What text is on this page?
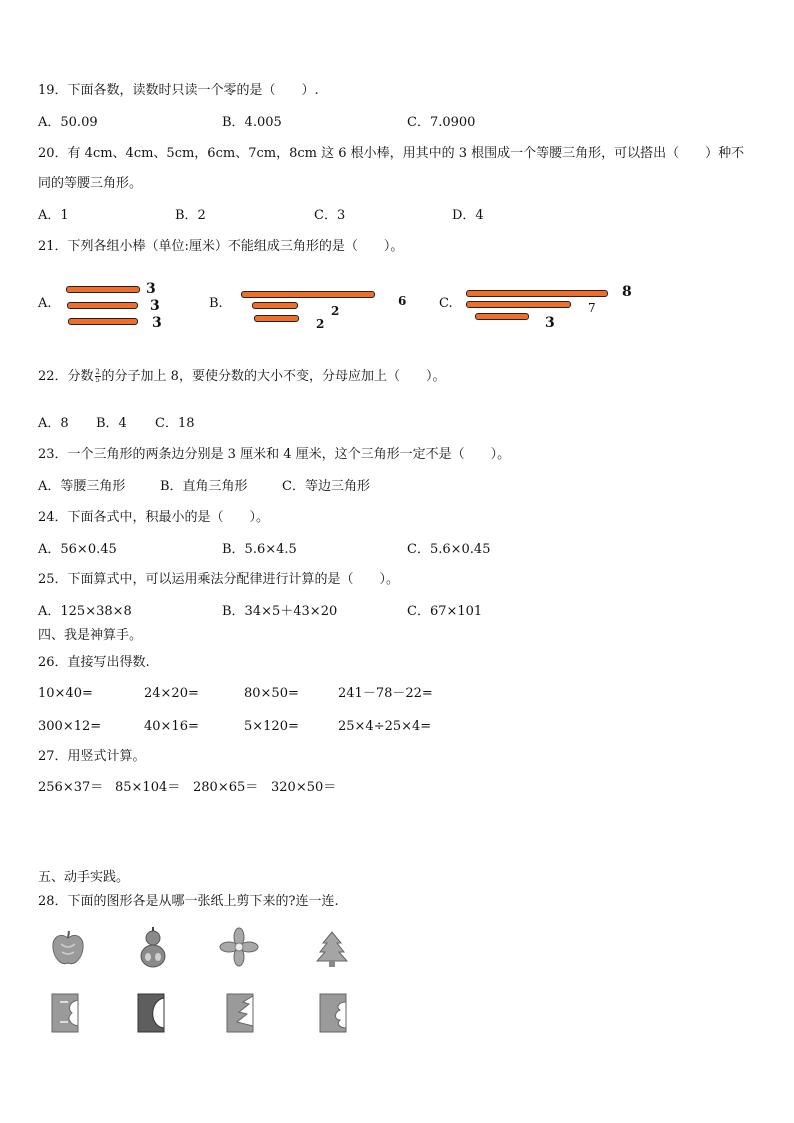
19．下面各数，读数时只读一个零的是（　　）.
A．50.09	B．4.005	C．7.0900
20．有 4cm、4cm、5cm，6cm、7cm，8cm 这 6 根小棒，用其中的 3 根围成一个等腰三角形，可以搭出（　　）种不
同的等腰三角形。
A．1	B．2	C．3	D．4
21．下列各组小棒（单位:厘米）不能组成三角形的是（　　）。
A.
3
3
3
B.	6
2
2
C.
8
7
3
22．分数 $\frac{2}{5}$ 的分子加上 8，要使分数的大小不变，分母应加上（　　）。
A．8 B．4 C．18
23．一个三角形的两条边分别是 3 厘米和 4 厘米，这个三角形一定不是（　　）。
A．等腰三角形	B．直角三角形	C．等边三角形
24．下面各式中，积最小的是（　　）。
A．56×0.45	B．5.6×4.5	C．5.6×0.45
25．下面算式中，可以运用乘法分配律进行计算的是（　　）。
A．125×38×8	B．34×5＋43×20	C．67×101
四、我是神算手。
26．直接写出得数.
10×40=	24×20=	80×50=	241－78－22=
300×12=	40×16=	5×120=	25×4÷25×4=
27．用竖式计算。
256×37＝ 85×104＝ 280×65＝ 320×50＝
五、动手实践。
28．下面的图形各是从哪一张纸上剪下来的?连一连.
